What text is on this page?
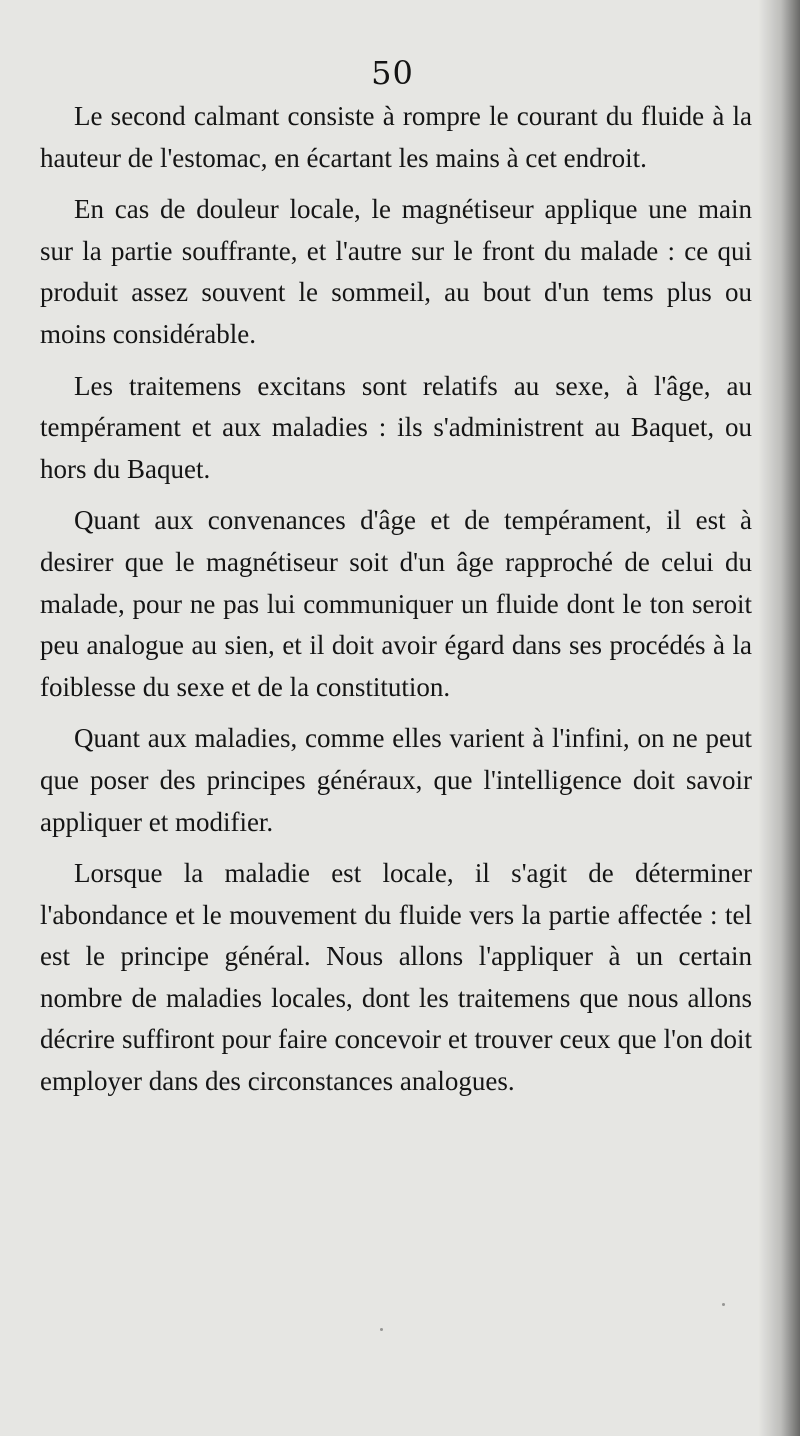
50

Le second calmant consiste à rompre le courant du fluide à la hauteur de l'estomac, en écartant les mains à cet endroit.

En cas de douleur locale, le magnétiseur applique une main sur la partie souffrante, et l'autre sur le front du malade : ce qui produit assez souvent le sommeil, au bout d'un tems plus ou moins considérable.

Les traitemens excitans sont relatifs au sexe, à l'âge, au tempérament et aux maladies : ils s'administrent au Baquet, ou hors du Baquet.

Quant aux convenances d'âge et de tempérament, il est à desirer que le magnétiseur soit d'un âge rapproché de celui du malade, pour ne pas lui communiquer un fluide dont le ton seroit peu analogue au sien, et il doit avoir égard dans ses procédés à la foiblesse du sexe et de la constitution.

Quant aux maladies, comme elles varient à l'infini, on ne peut que poser des principes généraux, que l'intelligence doit savoir appliquer et modifier.

Lorsque la maladie est locale, il s'agit de déterminer l'abondance et le mouvement du fluide vers la partie affectée : tel est le principe général. Nous allons l'appliquer à un certain nombre de maladies locales, dont les traitemens que nous allons décrire suffiront pour faire concevoir et trouver ceux que l'on doit employer dans des circonstances analogues.
